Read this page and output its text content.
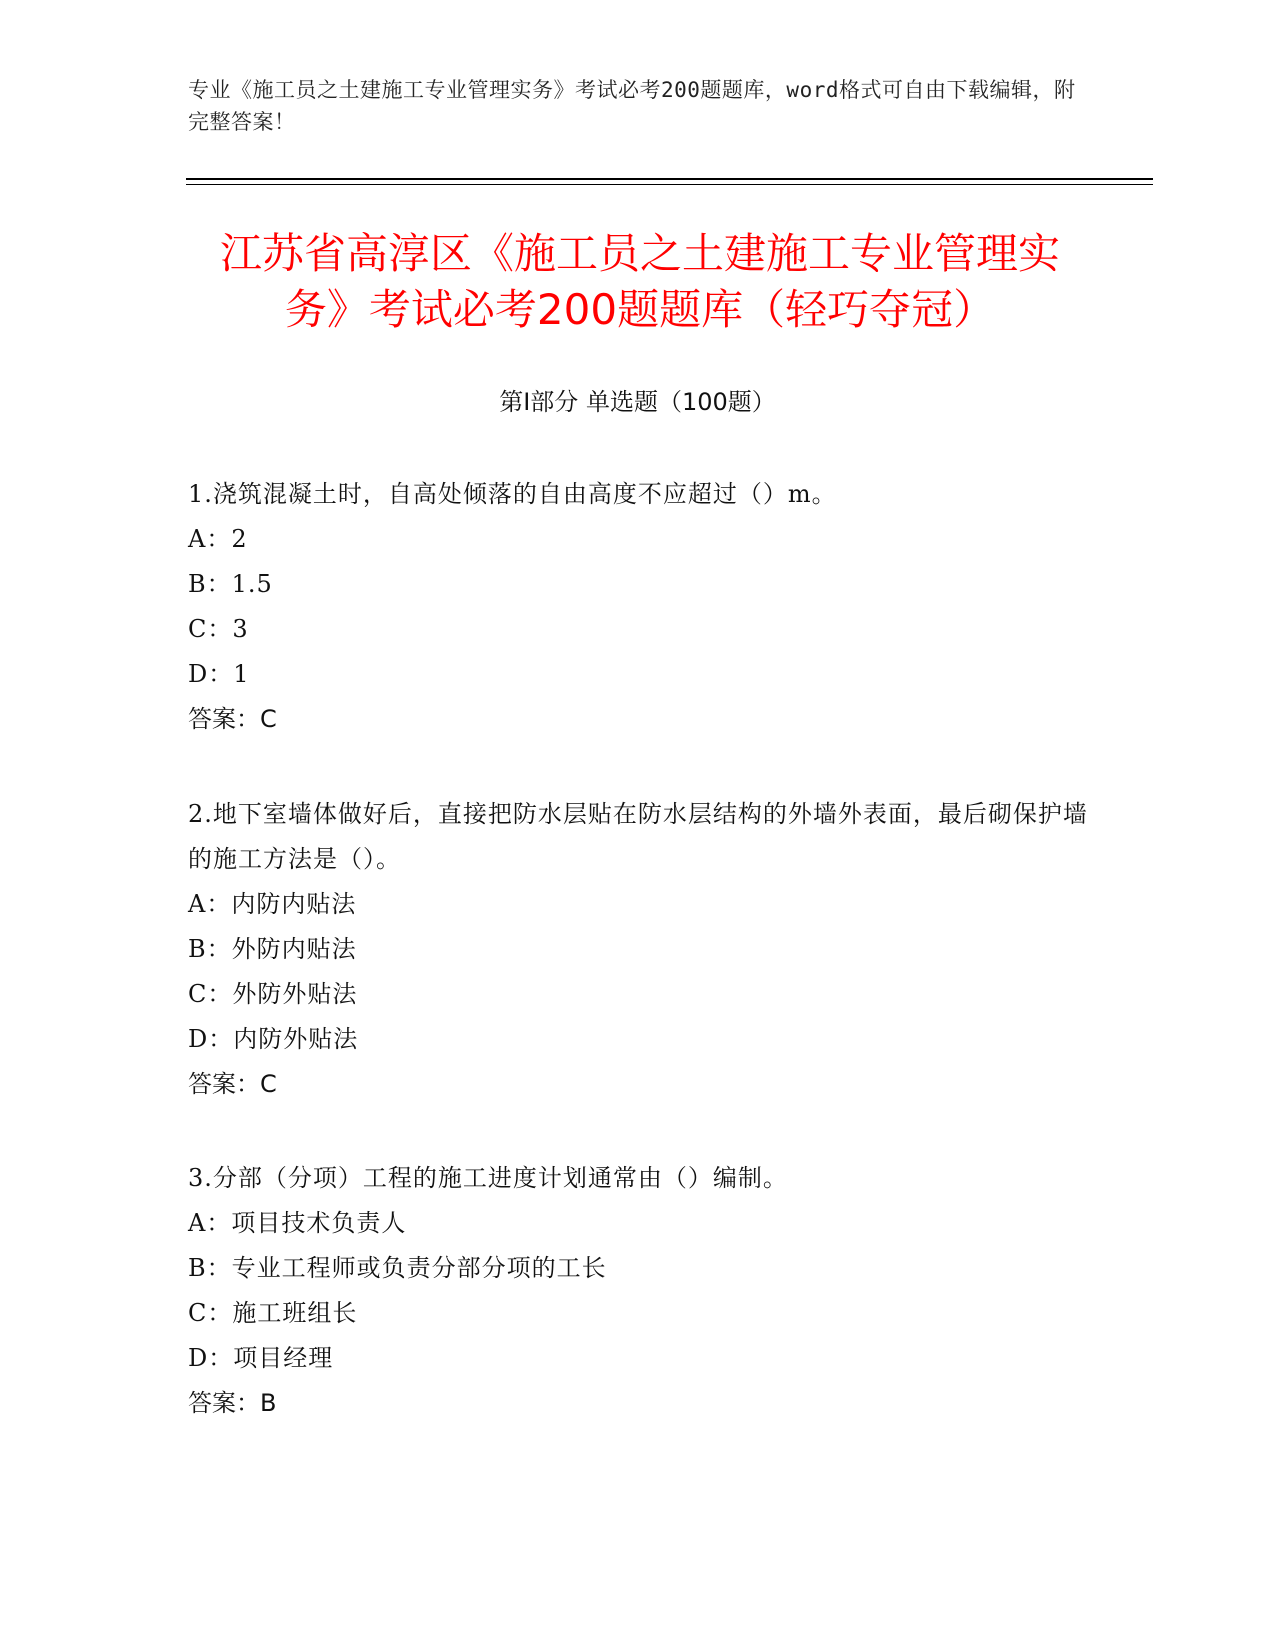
专业《施工员之土建施工专业管理实务》考试必考200题题库，word格式可自由下载编辑，附完整答案！
江苏省高淳区《施工员之土建施工专业管理实务》考试必考200题题库（轻巧夺冠）
第Ⅰ部分 单选题（100题）
1.浇筑混凝土时，自高处倾落的自由高度不应超过（）m。
A：2
B：1.5
C：3
D：1
答案：C
2.地下室墙体做好后，直接把防水层贴在防水层结构的外墙外表面，最后砌保护墙的施工方法是（）。
A：内防内贴法
B：外防内贴法
C：外防外贴法
D：内防外贴法
答案：C
3.分部（分项）工程的施工进度计划通常由（）编制。
A：项目技术负责人
B：专业工程师或负责分部分项的工长
C：施工班组长
D：项目经理
答案：B
